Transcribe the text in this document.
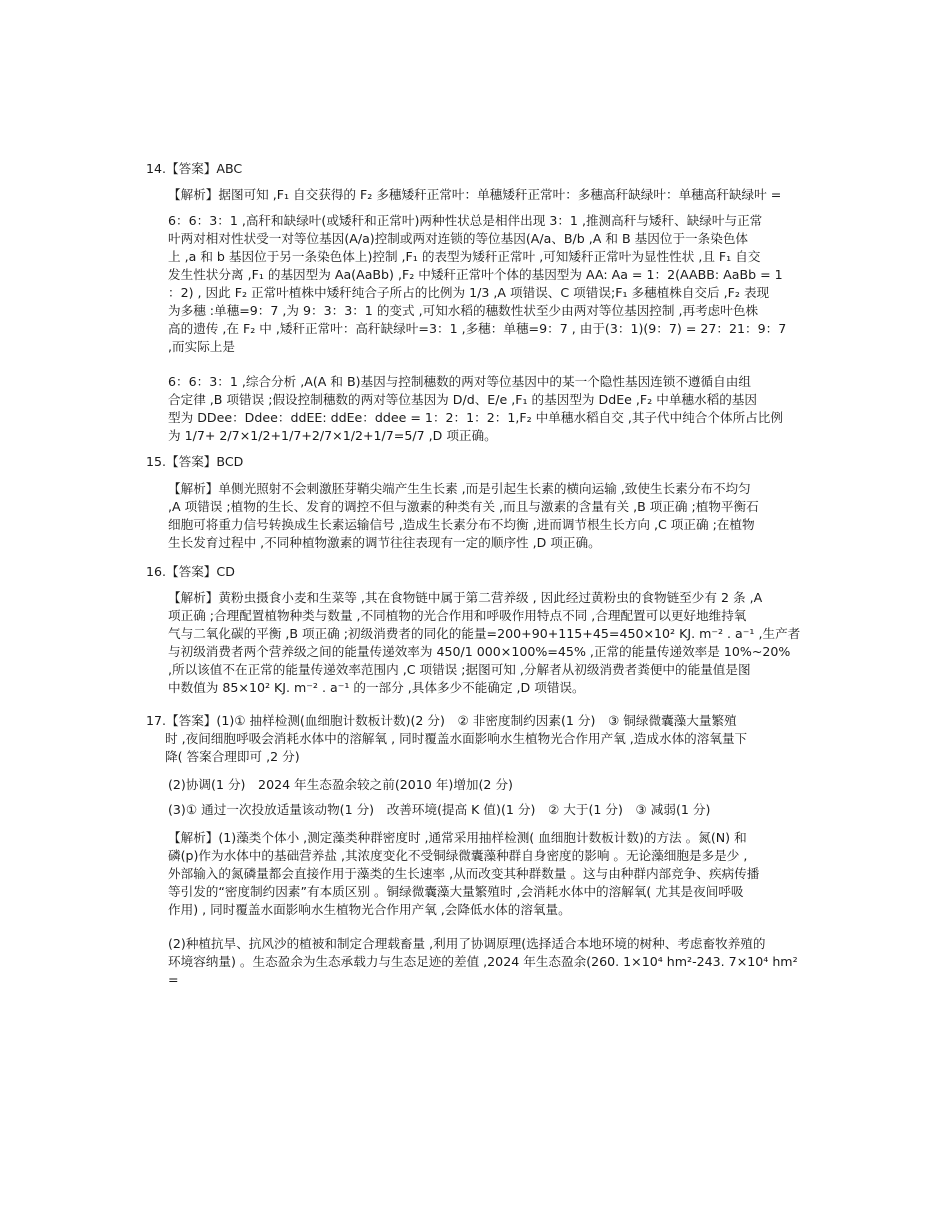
14.【答案】ABC
【解析】据图可知 ,F₁ 自交获得的 F₂ 多穗矮秆正常叶：单穗矮秆正常叶：多穗高秆缺绿叶：单穗高秆缺绿叶 =
6：6：3：1 ,高秆和缺绿叶(或矮秆和正常叶)两种性状总是相伴出现 3：1 ,推测高秆与矮秆、缺绿叶与正常
叶两对相对性状受一对等位基因(A/a)控制或两对连锁的等位基因(A/a、B/b ,A 和 B 基因位于一条染色体
上 ,a 和 b 基因位于另一条染色体上)控制 ,F₁ 的表型为矮秆正常叶 ,可知矮秆正常叶为显性性状 ,且 F₁ 自交
发生性状分离 ,F₁ 的基因型为 Aa(AaBb) ,F₂ 中矮秆正常叶个体的基因型为 AA: Aa = 1：2(AABB: AaBb = 1
：2) , 因此 F₂ 正常叶植株中矮秆纯合子所占的比例为 1/3 ,A 项错误、C 项错误;F₁ 多穗植株自交后 ,F₂ 表现
为多穗 :单穗=9：7 ,为 9：3：3：1 的变式 ,可知水稻的穗数性状至少由两对等位基因控制 ,再考虑叶色株
高的遗传 ,在 F₂ 中 ,矮秆正常叶：高秆缺绿叶=3：1 ,多穗：单穗=9：7 , 由于(3：1)(9：7) = 27：21：9：7
,而实际上是
6：6：3：1 ,综合分析 ,A(A 和 B)基因与控制穗数的两对等位基因中的某一个隐性基因连锁不遵循自由组
合定律 ,B 项错误 ;假设控制穗数的两对等位基因为 D/d、E/e ,F₁ 的基因型为 DdEe ,F₂ 中单穗水稻的基因
型为 DDee：Ddee：ddEE: ddEe：ddee = 1：2：1：2：1,F₂ 中单穗水稻自交 ,其子代中纯合个体所占比例
为 1/7+ 2/7×1/2+1/7+2/7×1/2+1/7=5/7 ,D 项正确。
15.【答案】BCD
【解析】单侧光照射不会刺激胚芽鞘尖端产生生长素 ,而是引起生长素的横向运输 ,致使生长素分布不均匀
,A 项错误 ;植物的生长、发育的调控不但与激素的种类有关 ,而且与激素的含量有关 ,B 项正确 ;植物平衡石
细胞可将重力信号转换成生长素运输信号 ,造成生长素分布不均衡 ,进而调节根生长方向 ,C 项正确 ;在植物
生长发育过程中 ,不同种植物激素的调节往往表现有一定的顺序性 ,D 项正确。
16.【答案】CD
【解析】黄粉虫摄食小麦和生菜等 ,其在食物链中属于第二营养级 , 因此经过黄粉虫的食物链至少有 2 条 ,A
项正确 ;合理配置植物种类与数量 ,不同植物的光合作用和呼吸作用特点不同 ,合理配置可以更好地维持氧
气与二氧化碳的平衡 ,B 项正确 ;初级消费者的同化的能量=200+90+115+45=450×10² KJ. m⁻² . a⁻¹ ,生产者
与初级消费者两个营养级之间的能量传递效率为 450/1 000×100%=45% ,正常的能量传递效率是 10%~20%
,所以该值不在正常的能量传递效率范围内 ,C 项错误 ;据图可知 ,分解者从初级消费者粪便中的能量值是图
中数值为 85×10² KJ. m⁻² . a⁻¹ 的一部分 ,具体多少不能确定 ,D 项错误。
17.【答案】(1)① 抽样检测(血细胞计数板计数)(2 分)　② 非密度制约因素(1 分)　③ 铜绿微囊藻大量繁殖
时 ,夜间细胞呼吸会消耗水体中的溶解氧 , 同时覆盖水面影响水生植物光合作用产氧 ,造成水体的溶氧量下
降( 答案合理即可 ,2 分)
(2)协调(1 分)　2024 年生态盈余较之前(2010 年)增加(2 分)
(3)① 通过一次投放适量该动物(1 分)　改善环境(提高 K 值)(1 分)　② 大于(1 分)　③ 减弱(1 分)
【解析】(1)藻类个体小 ,测定藻类种群密度时 ,通常采用抽样检测( 血细胞计数板计数)的方法 。氮(N) 和
磷(p)作为水体中的基础营养盐 ,其浓度变化不受铜绿微囊藻种群自身密度的影响 。无论藻细胞是多是少 ,
外部输入的氮磷量都会直接作用于藻类的生长速率 ,从而改变其种群数量 。这与由种群内部竞争、疾病传播
等引发的“密度制约因素”有本质区别 。铜绿微囊藻大量繁殖时 ,会消耗水体中的溶解氧( 尤其是夜间呼吸
作用) , 同时覆盖水面影响水生植物光合作用产氧 ,会降低水体的溶氧量。
(2)种植抗旱、抗风沙的植被和制定合理载畜量 ,利用了协调原理(选择适合本地环境的树种、考虑畜牧养殖的
环境容纳量) 。生态盈余为生态承载力与生态足迹的差值 ,2024 年生态盈余(260. 1×10⁴ hm²-243. 7×10⁴ hm²
=
